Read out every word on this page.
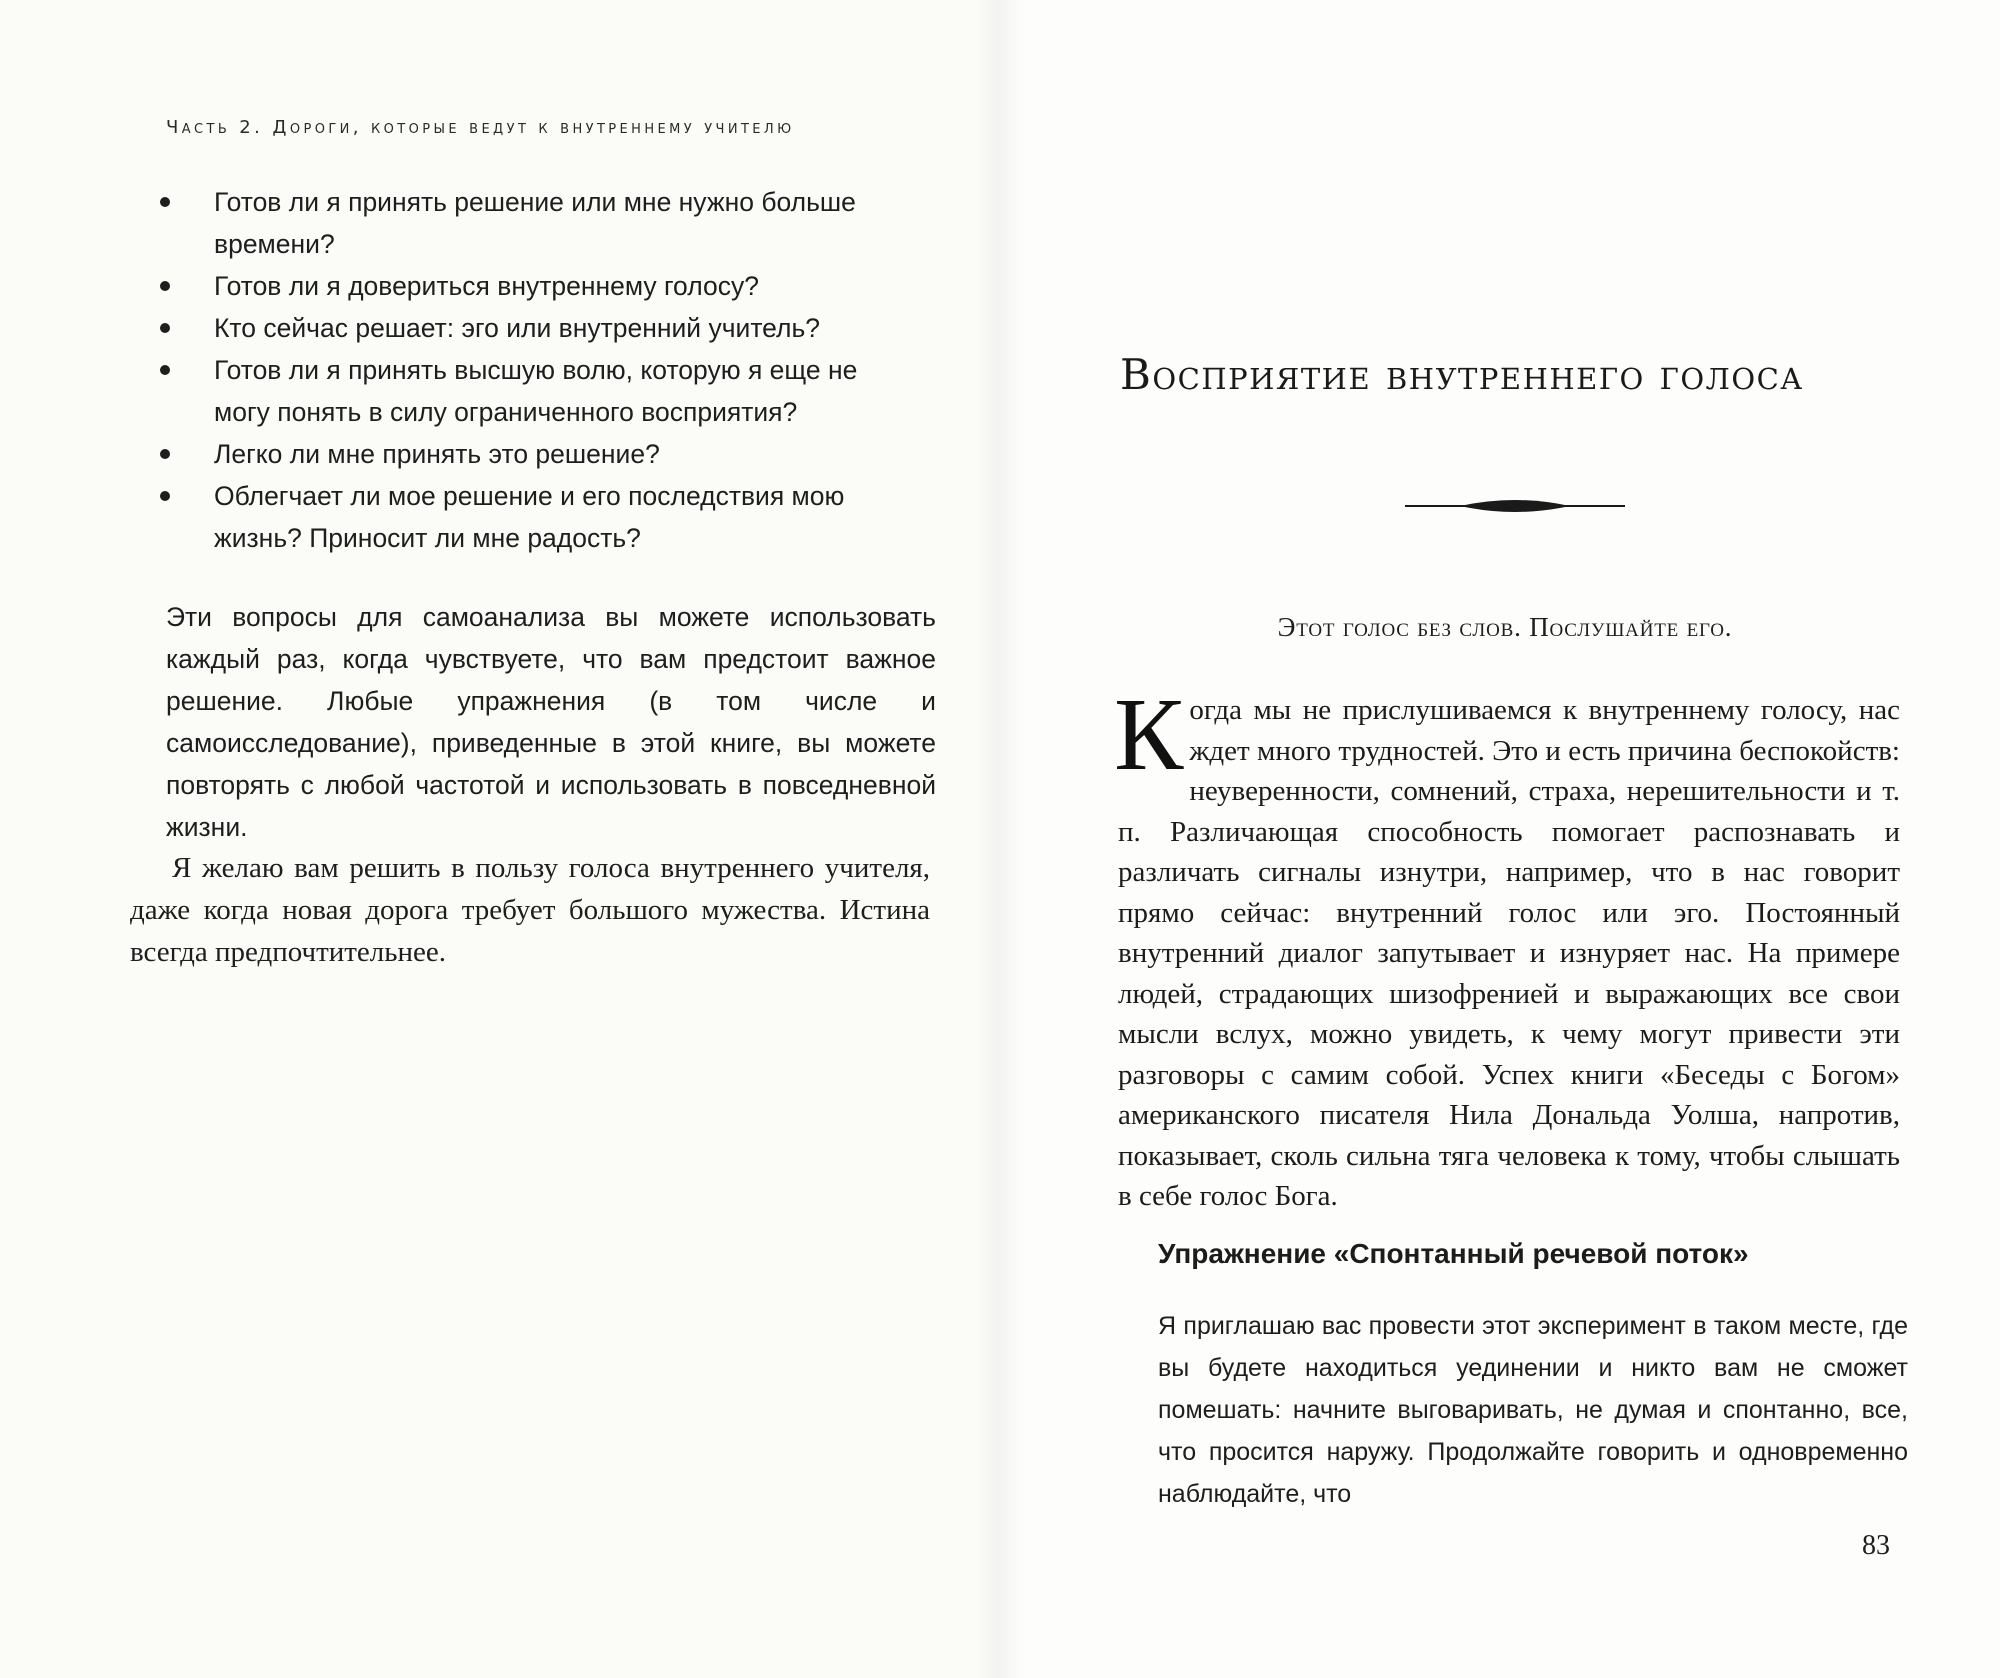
Часть 2. Дороги, которые ведут к внутреннему учителю
Готов ли я принять решение или мне нужно больше времени?
Готов ли я довериться внутреннему голосу?
Кто сейчас решает: эго или внутренний учитель?
Готов ли я принять высшую волю, которую я еще не могу понять в силу ограниченного восприятия?
Легко ли мне принять это решение?
Облегчает ли мое решение и его последствия мою жизнь? Приносит ли мне радость?

Эти вопросы для самоанализа вы можете использовать каждый раз, когда чувствуете, что вам предстоит важное решение. Любые упражнения (в том числе и самоисследование), приведенные в этой книге, вы можете повторять с любой частотой и использовать в повседневной жизни.

Я желаю вам решить в пользу голоса внутреннего учителя, даже когда новая дорога требует большого мужества. Истина всегда предпочтительнее.

Восприятие внутреннего голоса
Этот голос без слов. Послушайте его.

Когда мы не прислушиваемся к внутреннему голосу, нас ждет много трудностей. Это и есть причина беспокойств: неуверенности, сомнений, страха, нерешительности и т. п. Различающая способность помогает распознавать и различать сигналы изнутри, например, что в нас говорит прямо сейчас: внутренний голос или эго. Постоянный внутренний диалог запутывает и изнуряет нас. На примере людей, страдающих шизофренией и выражающих все свои мысли вслух, можно увидеть, к чему могут привести эти разговоры с самим собой. Успех книги «Беседы с Богом» американского писателя Нила Дональда Уолша, напротив, показывает, сколь сильна тяга человека к тому, чтобы слышать в себе голос Бога.

Упражнение «Спонтанный речевой поток»

Я приглашаю вас провести этот эксперимент в таком месте, где вы будете находиться уединении и никто вам не сможет помешать: начните выговаривать, не думая и спонтанно, все, что просится наружу. Продолжайте говорить и одновременно наблюдайте, что

83
